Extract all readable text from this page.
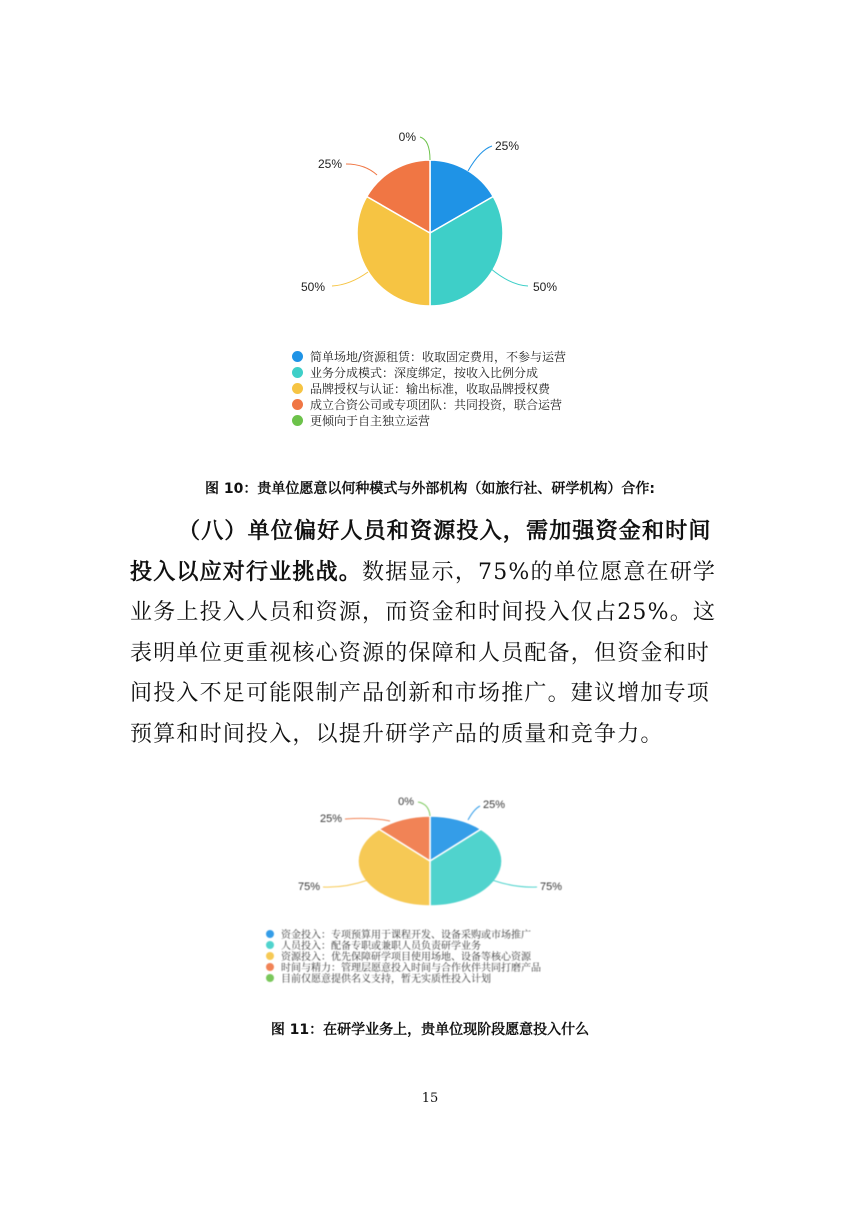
25%
50%
50%
25%
0%
简单场地/资源租赁：收取固定费用，不参与运营
业务分成模式：深度绑定，按收入比例分成
品牌授权与认证：输出标准，收取品牌授权费
成立合资公司或专项团队：共同投资，联合运营
更倾向于自主独立运营
图 10：贵单位愿意以何种模式与外部机构（如旅行社、研学机构）合作:
（八）单位偏好人员和资源投入，需加强资金和时间投入以应对行业挑战。数据显示，75%的单位愿意在研学业务上投入人员和资源，而资金和时间投入仅占25%。这表明单位更重视核心资源的保障和人员配备，但资金和时间投入不足可能限制产品创新和市场推广。建议增加专项预算和时间投入，以提升研学产品的质量和竞争力。
25%
75%
75%
25%
0%
资金投入：专项预算用于课程开发、设备采购或市场推广
人员投入：配备专职或兼职人员负责研学业务
资源投入：优先保障研学项目使用场地、设备等核心资源
时间与精力：管理层愿意投入时间与合作伙伴共同打磨产品
目前仅愿意提供名义支持，暂无实质性投入计划
图 11：在研学业务上，贵单位现阶段愿意投入什么
15
